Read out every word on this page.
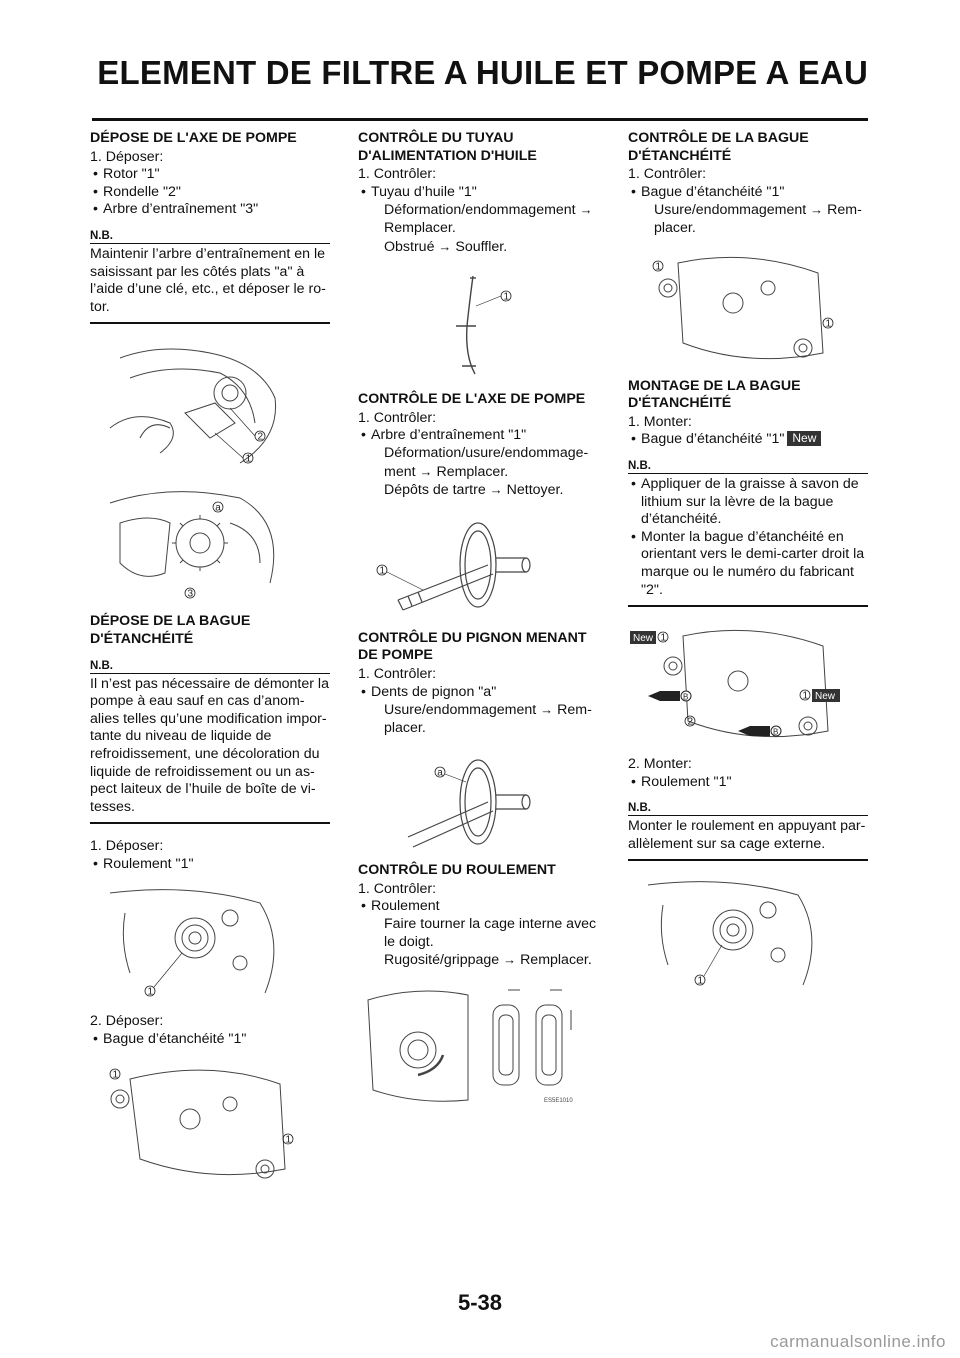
ELEMENT DE FILTRE A HUILE ET POMPE A EAU
DÉPOSE DE L'AXE DE POMPE
1. Déposer:
• Rotor "1"
• Rondelle "2"
• Arbre d’entraînement "3"
N.B.
Maintenir l’arbre d’entraînement en le saisissant par les côtés plats "a" à l’aide d’une clé, etc., et déposer le ro-tor.
2
1
a
3
DÉPOSE DE LA BAGUE D'ÉTANCHÉITÉ
N.B.
Il n’est pas nécessaire de démonter la pompe à eau sauf en cas d’anom-alies telles qu’une modification impor-tante du niveau de liquide de refroidissement, une décoloration du liquide de refroidissement ou un as-pect laiteux de l’huile de boîte de vi-tesses.
1. Déposer:
• Roulement "1"
1
2. Déposer:
• Bague d’étanchéité "1"
1
1
CONTRÔLE DU TUYAU D'ALIMENTATION D'HUILE
1. Contrôler:
• Tuyau d’huile "1"
Déformation/endommagement →
Remplacer.
Obstrué → Souffler.
1
CONTRÔLE DE L'AXE DE POMPE
1. Contrôler:
• Arbre d’entraînement "1"
Déformation/usure/endommage-
ment → Remplacer.
Dépôts de tartre → Nettoyer.
1
CONTRÔLE DU PIGNON MENANT DE POMPE
1. Contrôler:
• Dents de pignon "a"
Usure/endommagement → Rem-
placer.
a
CONTRÔLE DU ROULEMENT
1. Contrôler:
• Roulement
Faire tourner la cage interne avec le doigt.
Rugosité/grippage → Remplacer.
ES5E1010
CONTRÔLE DE LA BAGUE D'ÉTANCHÉITÉ
1. Contrôler:
• Bague d’étanchéité "1"
Usure/endommagement → Rem-
placer.
1
1
MONTAGE DE LA BAGUE D'ÉTANCHÉITÉ
1. Monter:
• Bague d’étanchéité "1" New
N.B.
• Appliquer de la graisse à savon de lithium sur la lèvre de la bague d’étanchéité.
• Monter la bague d’étanchéité en orientant vers le demi-carter droit la marque ou le numéro du fabricant "2".
New
New
B
B
1
1
2
2. Monter:
• Roulement "1"
N.B.
Monter le roulement en appuyant par-allèlement sur sa cage externe.
1
5-38
carmanualsonline.info
